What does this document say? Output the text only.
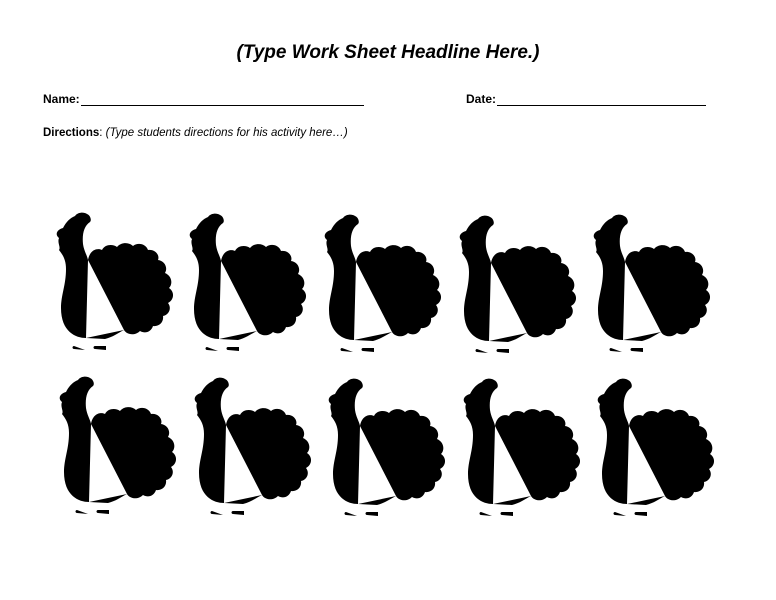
(Type Work Sheet Headline Here.)
Name:	Date:
Directions: (Type students directions for his activity here…)
